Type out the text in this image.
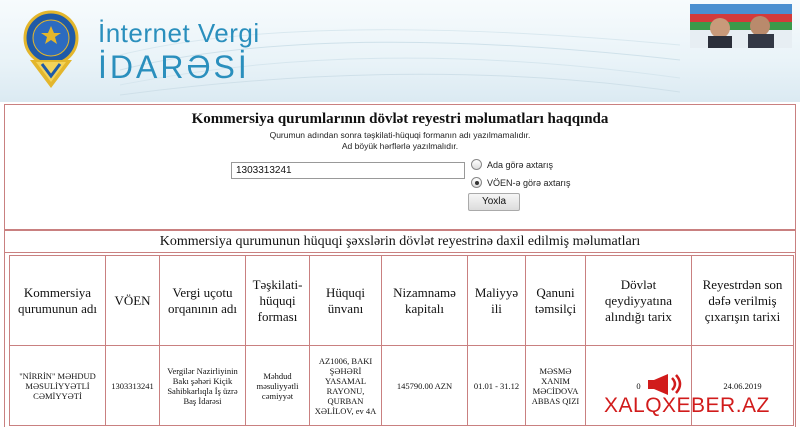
İnternet Vergi
İDARƏSİ
Kommersiya qurumlarının dövlət reyestri məlumatları haqqında
Qurumun adından sonra təşkilati-hüquqi formanın adı yazılmamalıdır.
Ad böyük hərflərlə yazılmalıdır.
1303313241
Ada görə axtarış
VÖEN-ə görə axtarış
Yoxla
Kommersiya qurumunun hüquqi şəxslərin dövlət reyestrinə daxil edilmiş məlumatları
Kommersiya qurumunun adı	VÖEN	Vergi uçotu orqanının adı	Təşkilati-hüquqi forması	Hüquqi ünvanı	Nizamnamə kapitalı	Maliyyə ili	Qanuni təmsilçi	Dövlət qeydiyyatına alındığı tarix	Reyestrdən son dəfə verilmiş çıxarışın tarixi
"NİRRİN" MƏHDUD MƏSULİYYƏTLİ CƏMİYYƏTİ	1303313241	Vergilər Nazirliyinin Bakı şəhəri Kiçik Sahibkarlıqla İş üzrə Baş İdarəsi	Məhdud məsuliyyətli cəmiyyət	AZ1006, BAKI ŞƏHƏRİ YASAMAL RAYONU, QURBAN XƏLİLOV, ev 4A	145790.00 AZN	01.01 - 31.12	MƏSMƏ XANIM MƏCİDOVA ABBAS QIZI	0	24.06.2019
XALQXEBER.AZ
